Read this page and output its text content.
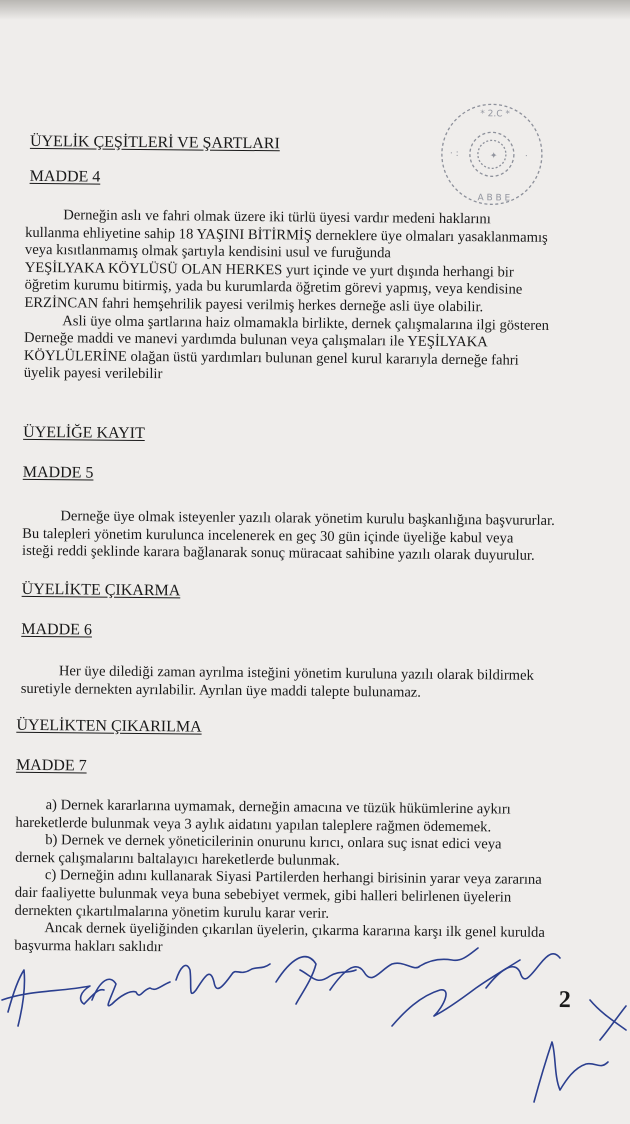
* 2.C *
· :	·
A B B E
✦
ÜYELİK ÇEŞİTLERİ VE ŞARTLARI
MADDE 4
Derneğin aslı ve fahri olmak üzere iki türlü üyesi vardır medeni haklarını
kullanma ehliyetine sahip 18 YAŞINI BİTİRMİŞ derneklere üye olmaları yasaklanmamış
veya kısıtlanmamış olmak şartıyla kendisini usul ve furuğunda
YEŞİLYAKA KÖYLÜSÜ OLAN HERKES yurt içinde ve yurt dışında herhangi bir
öğretim kurumu bitirmiş, yada bu kurumlarda öğretim görevi yapmış, veya kendisine
ERZİNCAN fahri hemşehrilik payesi verilmiş herkes derneğe asli üye olabilir.
Asli üye olma şartlarına haiz olmamakla birlikte, dernek çalışmalarına ilgi gösteren
Derneğe maddi ve manevi yardımda bulunan veya çalışmaları ile YEŞİLYAKA
KÖYLÜLERİNE olağan üstü yardımları bulunan genel kurul kararıyla derneğe fahri
üyelik payesi verilebilir
ÜYELİĞE KAYIT
MADDE 5
Derneğe üye olmak isteyenler yazılı olarak yönetim kurulu başkanlığına başvururlar.
Bu talepleri yönetim kurulunca incelenerek en geç 30 gün içinde üyeliğe kabul veya
isteği reddi şeklinde karara bağlanarak sonuç müracaat sahibine yazılı olarak duyurulur.
ÜYELİKTE ÇIKARMA
MADDE 6
Her üye dilediği zaman ayrılma isteğini yönetim kuruluna yazılı olarak bildirmek
suretiyle dernekten ayrılabilir. Ayrılan üye maddi talepte bulunamaz.
ÜYELİKTEN ÇIKARILMA
MADDE 7
a) Dernek kararlarına uymamak, derneğin amacına ve tüzük hükümlerine aykırı
hareketlerde bulunmak veya 3 aylık aidatını yapılan taleplere rağmen ödememek.
b) Dernek ve dernek yöneticilerinin onurunu kırıcı, onlara suç isnat edici veya
dernek çalışmalarını baltalayıcı hareketlerde bulunmak.
c) Derneğin adını kullanarak Siyasi Partilerden herhangi birisinin yarar veya zararına
dair faaliyette bulunmak veya buna sebebiyet vermek, gibi halleri belirlenen üyelerin
dernekten çıkartılmalarına yönetim kurulu karar verir.
Ancak dernek üyeliğinden çıkarılan üyelerin, çıkarma kararına karşı ilk genel kurulda
başvurma hakları saklıdır
2
